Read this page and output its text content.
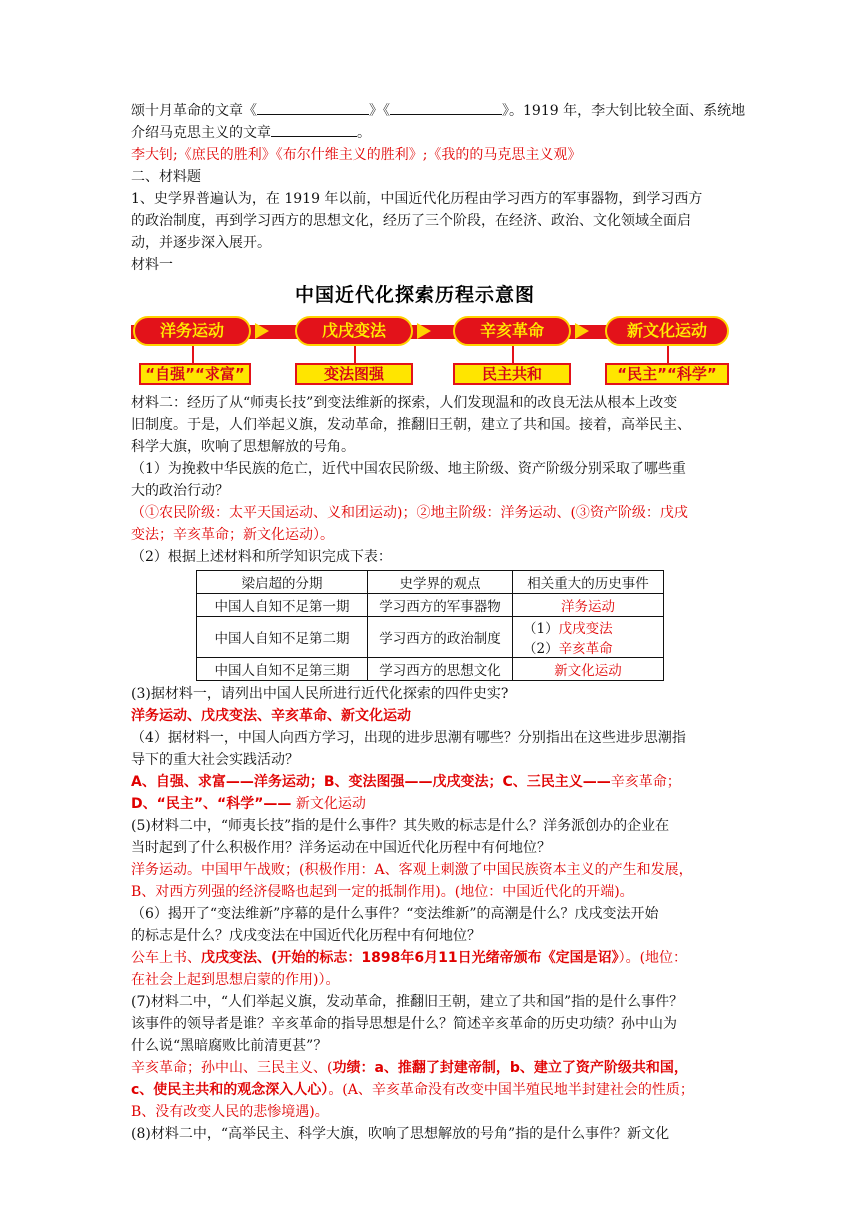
颂十月革命的文章《	》《	》。1919 年，李大钊比较全面、系统地

介绍马克思主义的文章	。

李大钊;《庶民的胜利》《布尔什维主义的胜利》;《我的的马克思主义观》

二、材料题

1、史学界普遍认为，在 1919 年以前，中国近代化历程由学习西方的军事器物，到学习西方

的政治制度，再到学习西方的思想文化，经历了三个阶段，在经济、政治、文化领域全面启

动，并逐步深入展开。

材料一

中国近代化探索历程示意图
洋务运动	戊戌变法	辛亥革命	新文化运动
“自强”“求富”	变法图强	民主共和	“民主”“科学”

材料二：经历了从“师夷长技”到变法维新的探索，人们发现温和的改良无法从根本上改变

旧制度。于是，人们举起义旗，发动革命，推翻旧王朝，建立了共和国。接着，高举民主、

科学大旗，吹响了思想解放的号角。

（1）为挽救中华民族的危亡，近代中国农民阶级、地主阶级、资产阶级分别采取了哪些重

大的政治行动？

（①农民阶级：太平天国运动、义和团运动)；②地主阶级：洋务运动、(③资产阶级：戊戌

变法；辛亥革命；新文化运动）。

（2）根据上述材料和所学知识完成下表：

梁启超的分期	史学界的观点	相关重大的历史事件
中国人自知不足第一期	学习西方的军事器物	洋务运动
中国人自知不足第二期	学习西方的政治制度	（1）戊戌变法
（2）辛亥革命

中国人自知不足第三期	学习西方的思想文化	新文化运动

(3)据材料一，请列出中国人民所进行近代化探索的四件史实?

洋务运动、戊戌变法、辛亥革命、新文化运动

（4）据材料一，中国人向西方学习，出现的进步思潮有哪些？分别指出在这些进步思潮指

导下的重大社会实践活动？

A、自强、求富——洋务运动；B、变法图强——戊戌变法；C、三民主义——辛亥革命；

D、“民主”、“科学”—— 新文化运动

(5)材料二中，“师夷长技”指的是什么事件？其失败的标志是什么？洋务派创办的企业在

当时起到了什么积极作用？洋务运动在中国近代化历程中有何地位？

洋务运动。中国甲午战败；(积极作用：A、客观上刺激了中国民族资本主义的产生和发展，

B、对西方列强的经济侵略也起到一定的抵制作用)。(地位：中国近代化的开端)。

（6）揭开了“变法维新”序幕的是什么事件？“变法维新”的高潮是什么？戊戌变法开始

的标志是什么？戊戌变法在中国近代化历程中有何地位？

公车上书、戊戌变法、(开始的标志：1898年6月11日光绪帝颁布《定国是诏》）。(地位：

在社会上起到思想启蒙的作用)）。

(7)材料二中，“人们举起义旗，发动革命，推翻旧王朝，建立了共和国”指的是什么事件？

该事件的领导者是谁？辛亥革命的指导思想是什么？简述辛亥革命的历史功绩？孙中山为

什么说“黑暗腐败比前清更甚”？

辛亥革命；孙中山、三民主义、(功绩：a、推翻了封建帝制，b、建立了资产阶级共和国，

c、使民主共和的观念深入人心）。(A、辛亥革命没有改变中国半殖民地半封建社会的性质；

B、没有改变人民的悲惨境遇)。

(8)材料二中，“高举民主、科学大旗，吹响了思想解放的号角”指的是什么事件？新文化
